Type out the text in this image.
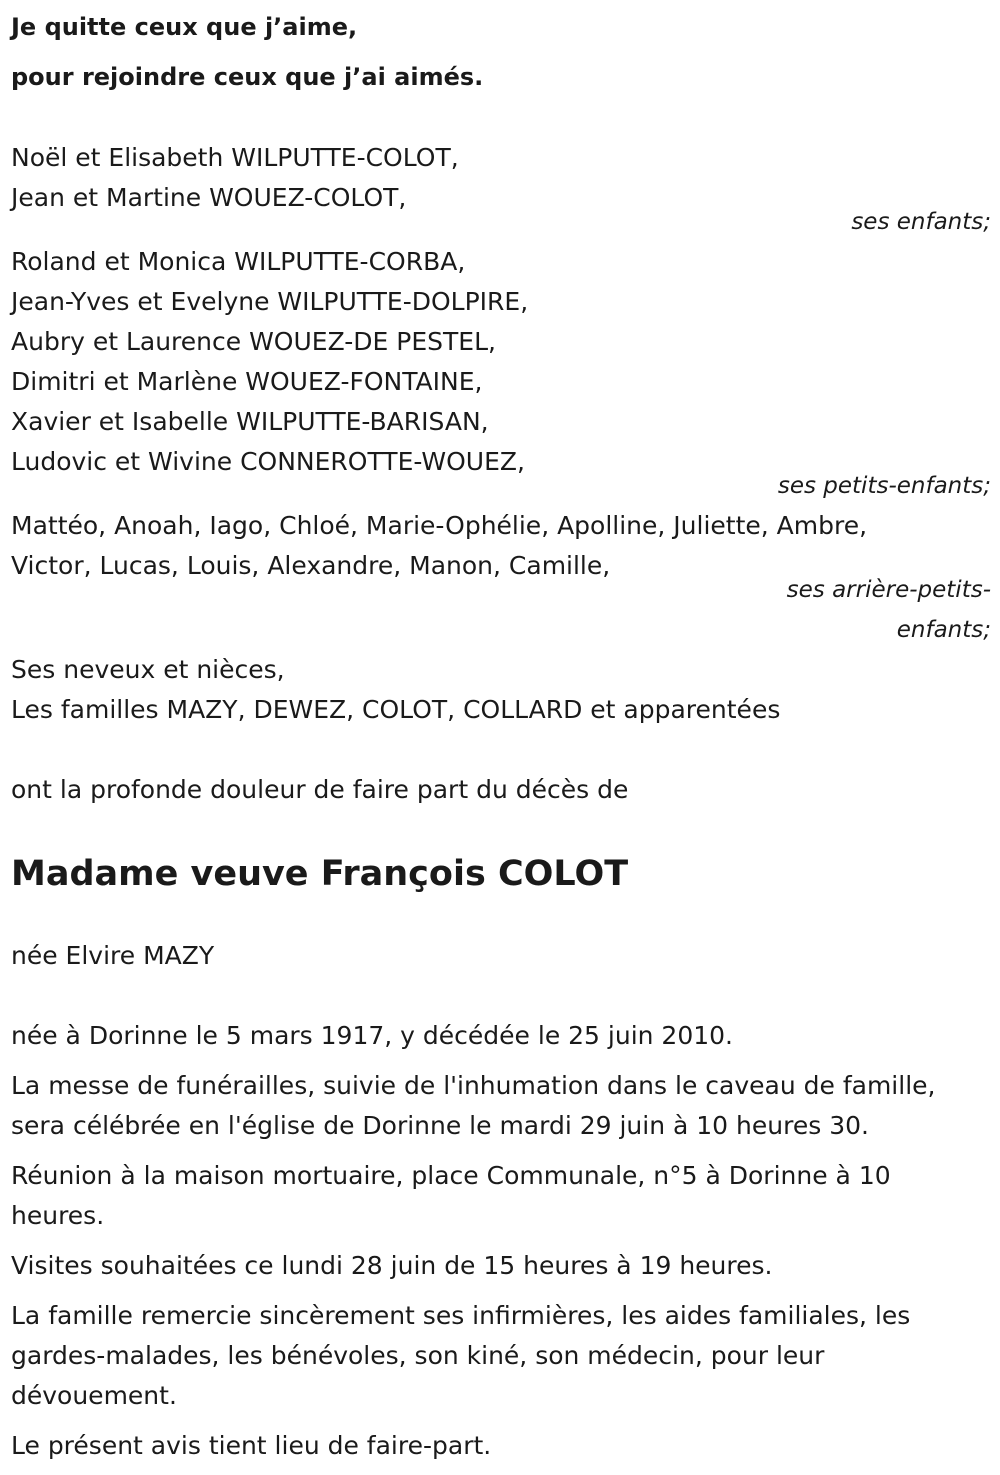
Je quitte ceux que j’aime,
pour rejoindre ceux que j’ai aimés.
Noël et Elisabeth WILPUTTE-COLOT,
Jean et Martine WOUEZ-COLOT,
ses enfants;
Roland et Monica WILPUTTE-CORBA,
Jean-Yves et Evelyne WILPUTTE-DOLPIRE,
Aubry et Laurence WOUEZ-DE PESTEL,
Dimitri et Marlène WOUEZ-FONTAINE,
Xavier et Isabelle WILPUTTE-BARISAN,
Ludovic et Wivine CONNEROTTE-WOUEZ,
ses petits-enfants;
Mattéo, Anoah, Iago, Chloé, Marie-Ophélie, Apolline, Juliette, Ambre,
Victor, Lucas, Louis, Alexandre, Manon, Camille,
ses arrière-petits-
enfants;
Ses neveux et nièces,
Les familles MAZY, DEWEZ, COLOT, COLLARD et apparentées
ont la profonde douleur de faire part du décès de
Madame veuve François COLOT
née Elvire MAZY
née à Dorinne le 5 mars 1917, y décédée le 25 juin 2010.
La messe de funérailles, suivie de l'inhumation dans le caveau de famille, sera célébrée en l'église de Dorinne le mardi 29 juin à 10 heures 30.
Réunion à la maison mortuaire, place Communale, n°5 à Dorinne à 10 heures.
Visites souhaitées ce lundi 28 juin de 15 heures à 19 heures.
La famille remercie sincèrement ses infirmières, les aides familiales, les gardes-malades, les bénévoles, son kiné, son médecin, pour leur dévouement.
Le présent avis tient lieu de faire-part.
